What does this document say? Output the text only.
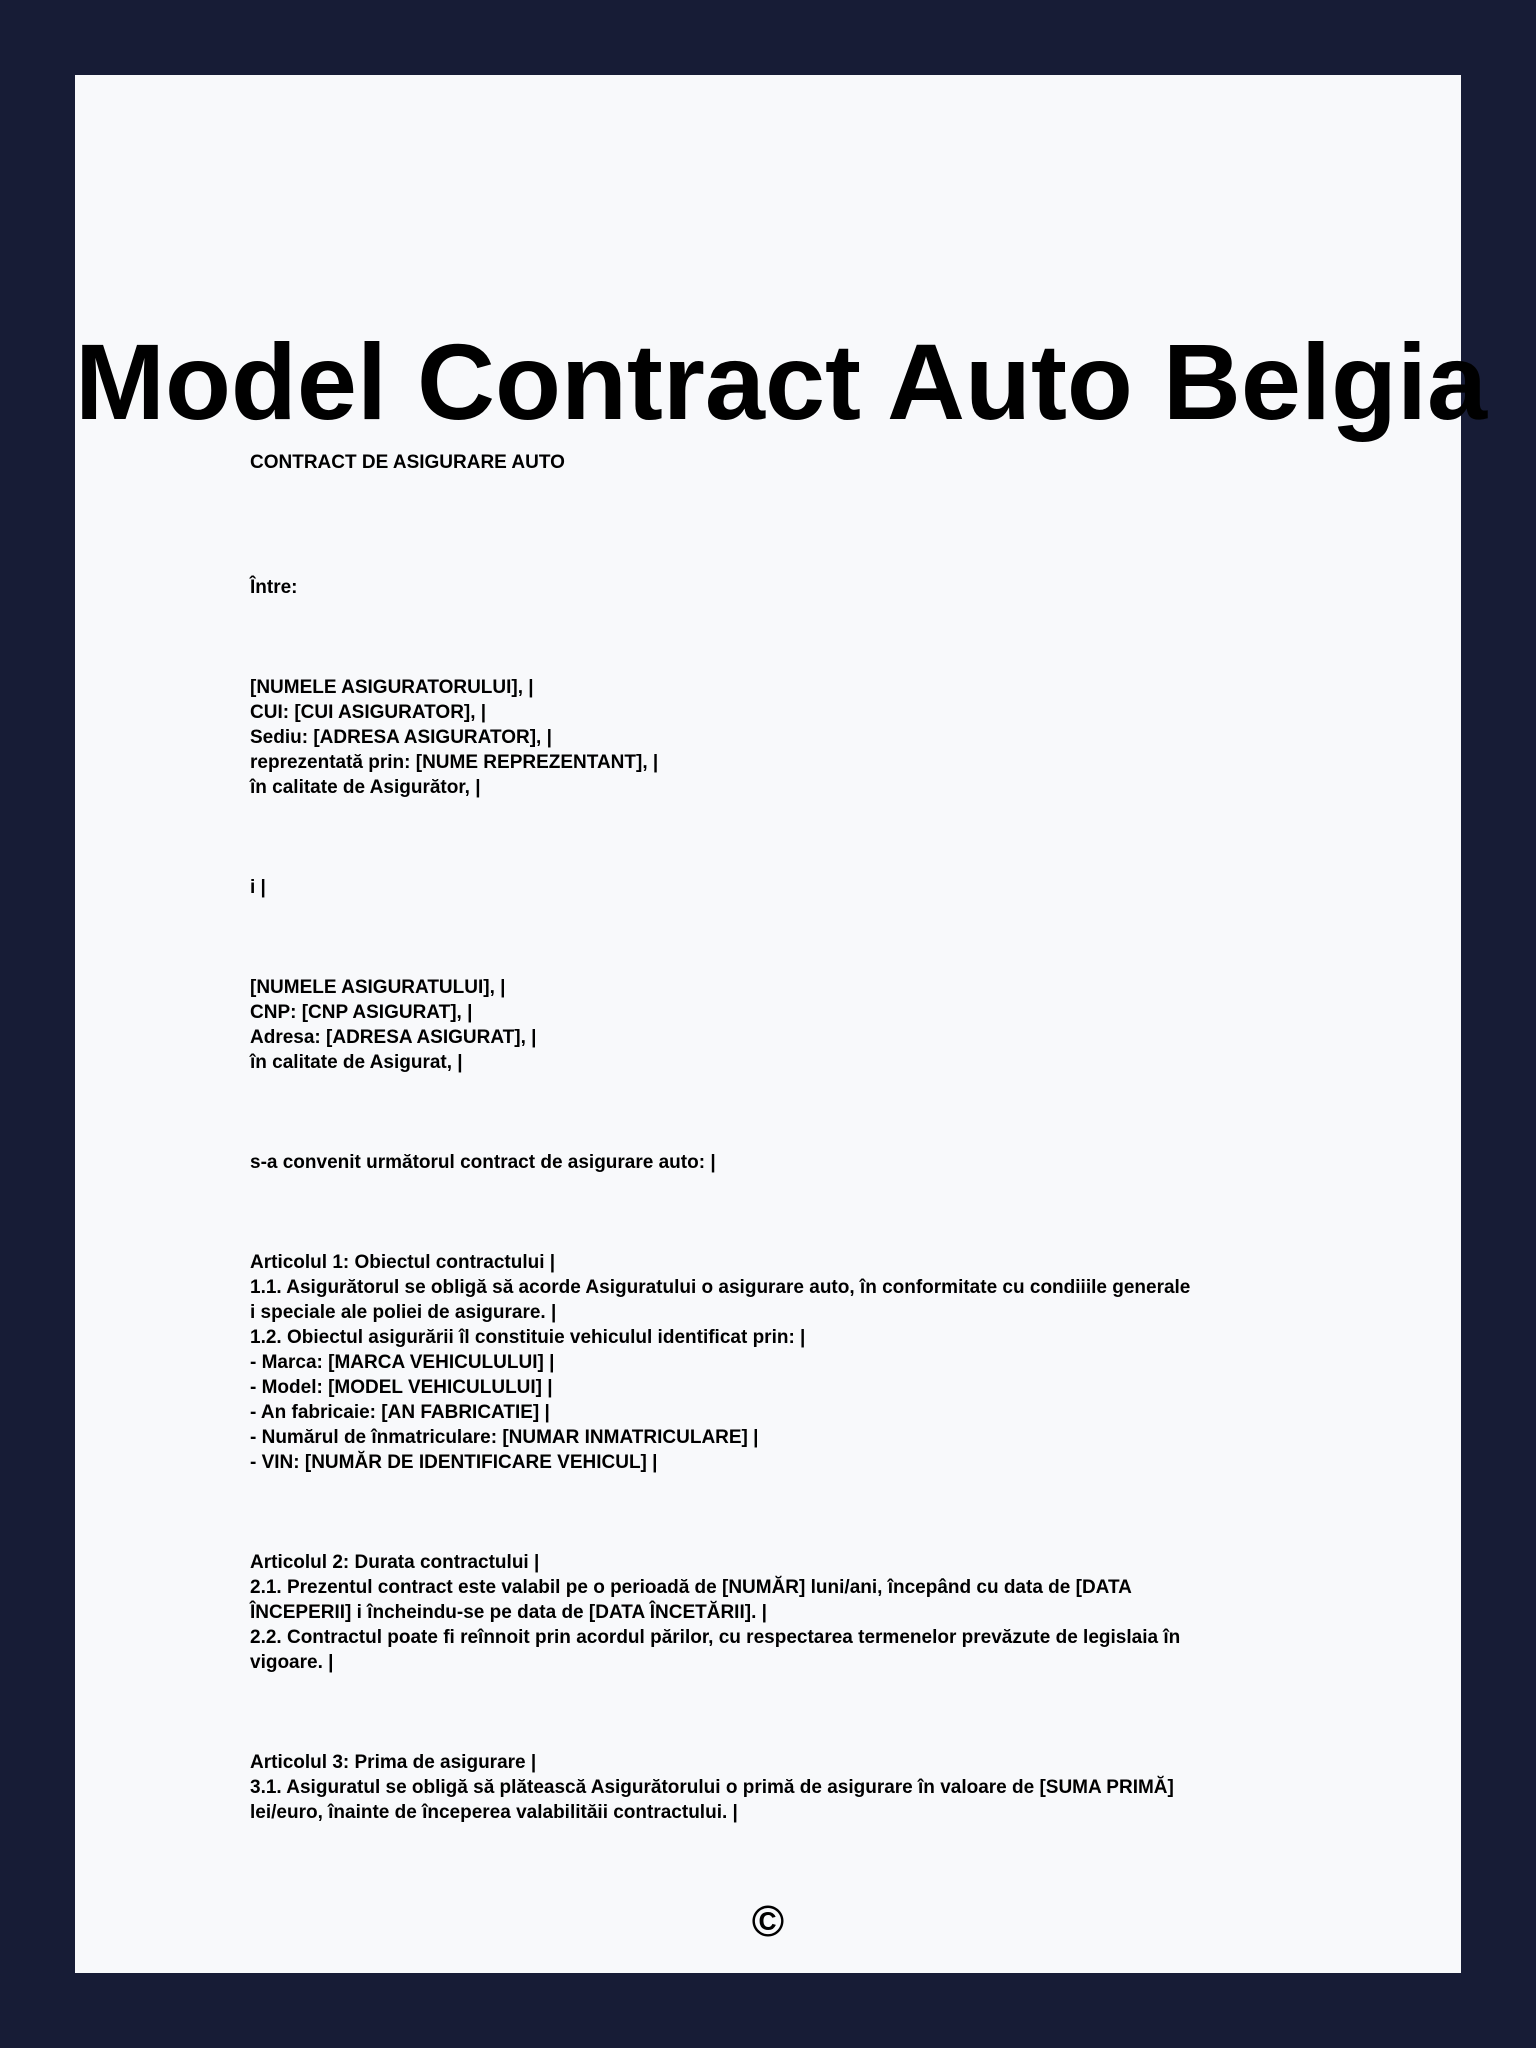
Model Contract Auto Belgia
CONTRACT DE ASIGURARE AUTO
Între:
[NUMELE ASIGURATORULUI], |
CUI: [CUI ASIGURATOR], |
Sediu: [ADRESA ASIGURATOR], |
reprezentată prin: [NUME REPREZENTANT], |
în calitate de Asigurător, |
i |
[NUMELE ASIGURATULUI], |
CNP: [CNP ASIGURAT], |
Adresa: [ADRESA ASIGURAT], |
în calitate de Asigurat, |
s-a convenit următorul contract de asigurare auto: |
Articolul 1: Obiectul contractului |
1.1. Asigurătorul se obligă să acorde Asiguratului o asigurare auto, în conformitate cu condiiile generale
i speciale ale poliei de asigurare. |
1.2. Obiectul asigurării îl constituie vehiculul identificat prin: |
- Marca: [MARCA VEHICULULUI] |
- Model: [MODEL VEHICULULUI] |
- An fabricaie: [AN FABRICATIE] |
- Numărul de înmatriculare: [NUMAR INMATRICULARE] |
- VIN: [NUMĂR DE IDENTIFICARE VEHICUL] |
Articolul 2: Durata contractului |
2.1. Prezentul contract este valabil pe o perioadă de [NUMĂR] luni/ani, începând cu data de [DATA
ÎNCEPERII] i încheindu-se pe data de [DATA ÎNCETĂRII]. |
2.2. Contractul poate fi reînnoit prin acordul părilor, cu respectarea termenelor prevăzute de legislaia în
vigoare. |
Articolul 3: Prima de asigurare |
3.1. Asiguratul se obligă să plătească Asigurătorului o primă de asigurare în valoare de [SUMA PRIMĂ]
lei/euro, înainte de începerea valabilităii contractului. |
©
